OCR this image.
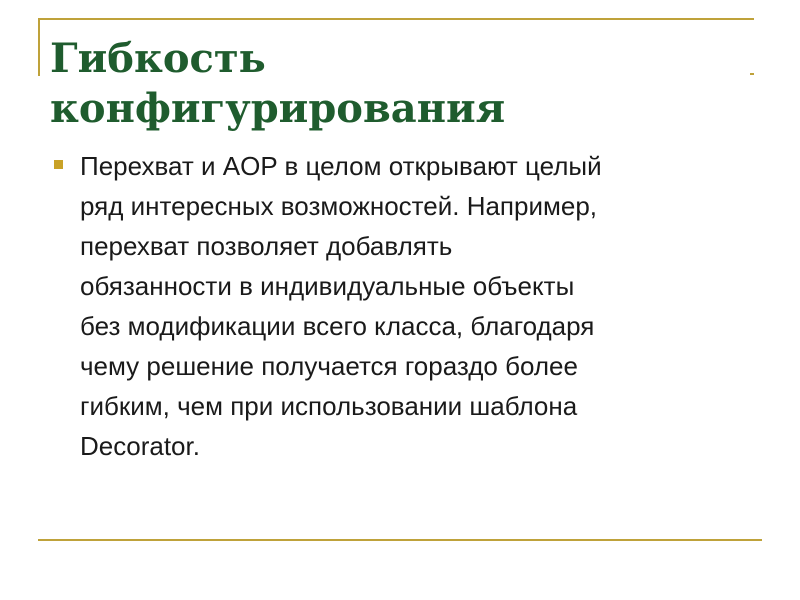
Гибкость
конфигурирования

Перехват и AOP в целом открывают целый
ряд интересных возможностей. Например,
перехват позволяет добавлять
обязанности в индивидуальные объекты
без модификации всего класса, благодаря
чему решение получается гораздо более
гибким, чем при использовании шаблона
Decorator.
